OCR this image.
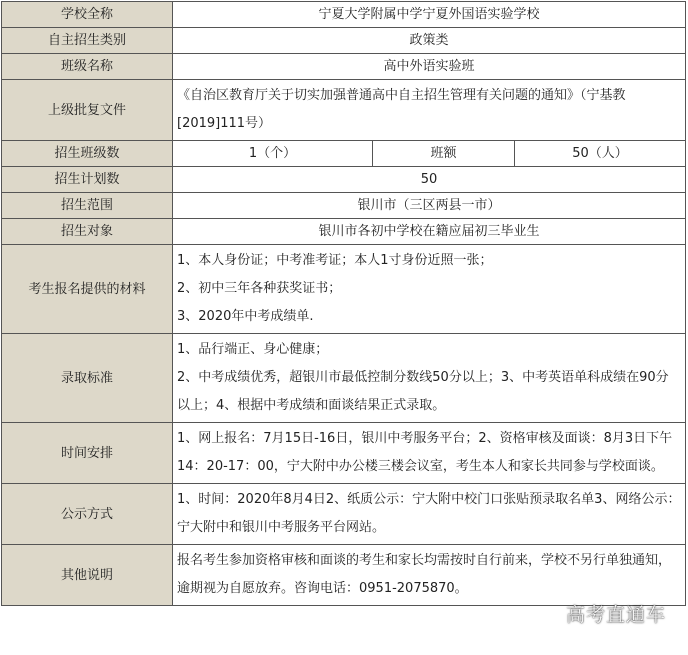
学校全称	宁夏大学附属中学宁夏外国语实验学校		
自主招生类别	政策类		
班级名称	高中外语实验班		
上级批复文件	《自治区教育厅关于切实加强普通高中自主招生管理有关问题的通知》（宁基教[2019]111号）		
招生班级数	1（个）	班额	50（人）
招生计划数	50		
招生范围	银川市（三区两县一市）		
招生对象	银川市各初中学校在籍应届初三毕业生		
考生报名提供的材料	1、本人身份证；中考准考证；本人1寸身份近照一张；
2、初中三年各种获奖证书；
3、2020年中考成绩单.		

录取标准	1、品行端正、身心健康；
2、中考成绩优秀，超银川市最低控制分数线50分以上；3、中考英语单科成绩在90分以上；4、根据中考成绩和面谈结果正式录取。		

时间安排	1、网上报名：7月15日-16日，银川中考服务平台；2、资格审核及面谈：8月3日下午14：20-17：00，宁大附中办公楼三楼会议室，考生本人和家长共同参与学校面谈。		
公示方式	1、时间：2020年8月4日2、纸质公示：宁大附中校门口张贴预录取名单3、网络公示：宁大附中和银川中考服务平台网站。		
其他说明	报名考生参加资格审核和面谈的考生和家长均需按时自行前来，学校不另行单独通知，逾期视为自愿放弃。咨询电话：0951-2075870。		
高考直通车
